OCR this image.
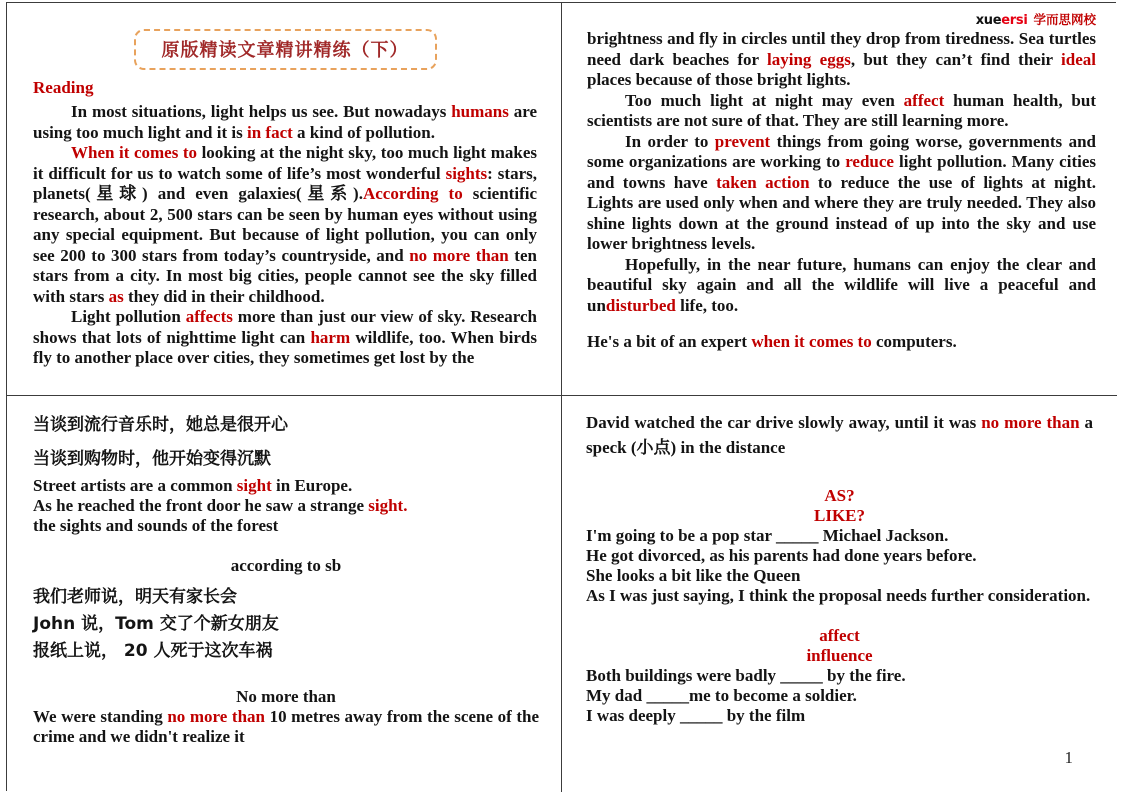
原版精读文章精讲精练（下）
Reading

In most situations, light helps us see. But nowadays humans are using too much light and it is in fact a kind of pollution.

When it comes to looking at the night sky, too much light makes it difficult for us to watch some of life’s most wonderful sights: stars, planets(星球) and even galaxies(星系).According to scientific research, about 2, 500 stars can be seen by human eyes without using any special equipment. But because of light pollution, you can only see 200 to 300 stars from today’s countryside, and no more than ten stars from a city. In most big cities, people cannot see the sky filled with stars as they did in their childhood.

Light pollution affects more than just our view of sky. Research shows that lots of nighttime light can harm wildlife, too. When birds fly to another place over cities, they sometimes get lost by the

xueersi 学而思网校

brightness and fly in circles until they drop from tiredness. Sea turtles need dark beaches for laying eggs, but they can’t find their ideal places because of those bright lights.

Too much light at night may even affect human health, but scientists are not sure of that. They are still learning more.

In order to prevent things from going worse, governments and some organizations are working to reduce light pollution. Many cities and towns have taken action to reduce the use of lights at night. Lights are used only when and where they are truly needed. They also shine lights down at the ground instead of up into the sky and use lower brightness levels.

Hopefully, in the near future, humans can enjoy the clear and beautiful sky again and all the wildlife will live a peaceful and undisturbed life, too.

He's a bit of an expert when it comes to computers.

当谈到流行音乐时，她总是很开心
当谈到购物时，他开始变得沉默
Street artists are a common sight in Europe.
As he reached the front door he saw a strange sight.
the sights and sounds of the forest
according to sb
我们老师说，明天有家长会
John 说，Tom 交了个新女朋友
报纸上说， 20 人死于这次车祸
No more than
We were standing no more than 10 metres away from the scene of the crime and we didn't realize it
David watched the car drive slowly away, until it was no more than a speck (小点) in the distance
AS?
LIKE?
I'm going to be a pop star _____ Michael Jackson.
He got divorced, as his parents had done years before.
She looks a bit like the Queen
As I was just saying, I think the proposal needs further consideration.
affect
influence
Both buildings were badly _____ by the fire.
My dad _____me to become a soldier.
I was deeply _____ by the film
1
